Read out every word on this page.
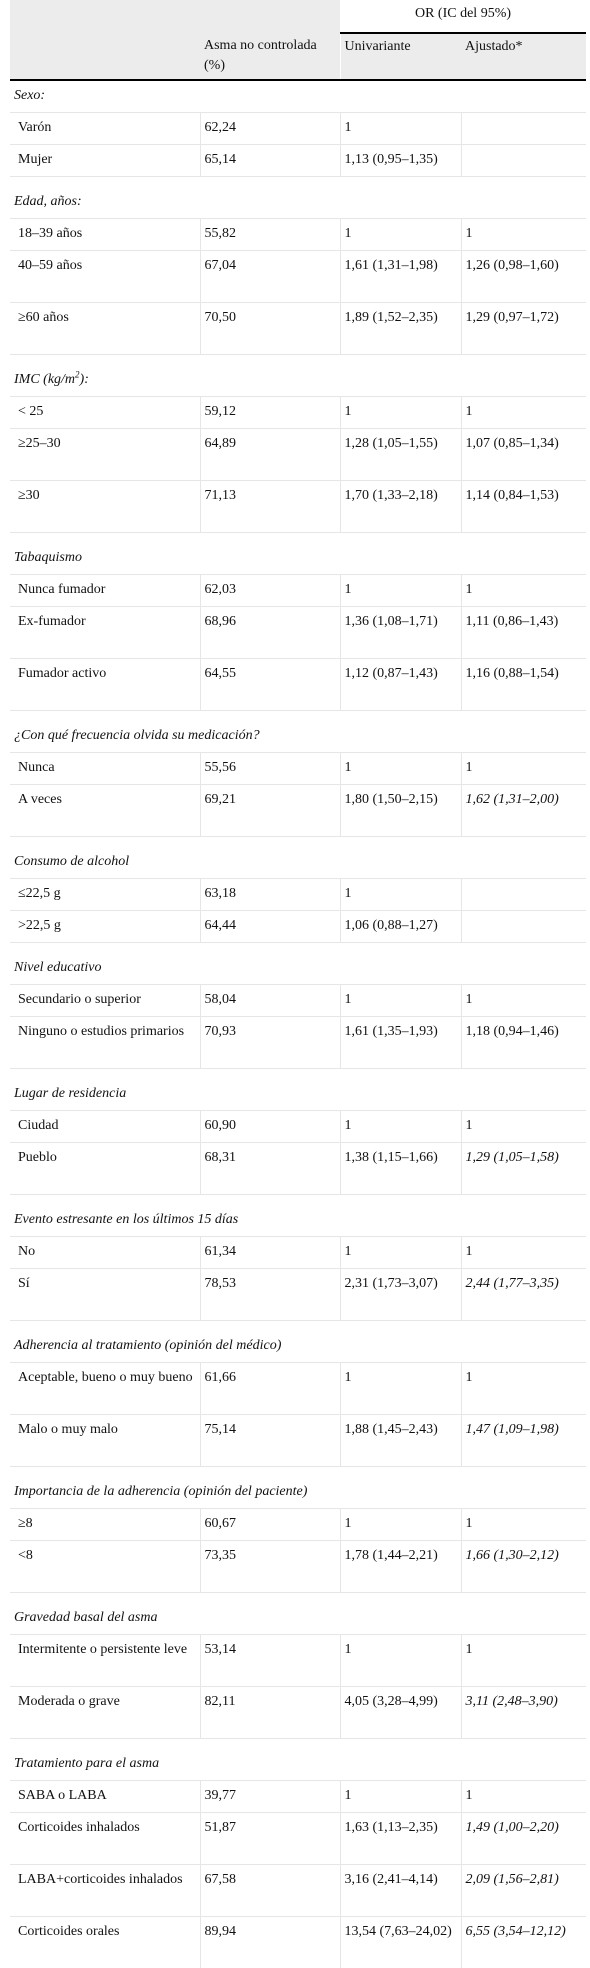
		OR (IC del 95%)	
	Asma no controlada (%)	Univariante	Ajustado*
Sexo:			
Varón	62,24	1	
Mujer	65,14	1,13 (0,95–1,35)	

Edad, años:			
18–39 años	55,82	1	1
40–59 años	67,04	1,61 (1,31–1,98)	1,26 (0,98–1,60)
≥60 años	70,50	1,89 (1,52–2,35)	1,29 (0,97–1,72)

IMC $(kg/m^2)$:			
< 25	59,12	1	1
≥25–30	64,89	1,28 (1,05–1,55)	1,07 (0,85–1,34)
≥30	71,13	1,70 (1,33–2,18)	1,14 (0,84–1,53)

Tabaquismo			
Nunca fumador	62,03	1	1
Ex-fumador	68,96	1,36 (1,08–1,71)	1,11 (0,86–1,43)
Fumador activo	64,55	1,12 (0,87–1,43)	1,16 (0,88–1,54)

¿Con qué frecuencia olvida su medicación?			
Nunca	55,56	1	1
A veces	69,21	1,80 (1,50–2,15)	1,62 (1,31–2,00)

Consumo de alcohol			
≤22,5 g	63,18	1	
>22,5 g	64,44	1,06 (0,88–1,27)	

Nivel educativo			
Secundario o superior	58,04	1	1
Ninguno o estudios primarios	70,93	1,61 (1,35–1,93)	1,18 (0,94–1,46)

Lugar de residencia			
Ciudad	60,90	1	1
Pueblo	68,31	1,38 (1,15–1,66)	1,29 (1,05–1,58)

Evento estresante en los últimos 15 días			
No	61,34	1	1
Sí	78,53	2,31 (1,73–3,07)	2,44 (1,77–3,35)

Adherencia al tratamiento (opinión del médico)			
Aceptable, bueno o muy bueno	61,66	1	1
Malo o muy malo	75,14	1,88 (1,45–2,43)	1,47 (1,09–1,98)

Importancia de la adherencia (opinión del paciente)			
≥8	60,67	1	1
<8	73,35	1,78 (1,44–2,21)	1,66 (1,30–2,12)

Gravedad basal del asma			
Intermitente o persistente leve	53,14	1	1
Moderada o grave	82,11	4,05 (3,28–4,99)	3,11 (2,48–3,90)

Tratamiento para el asma			
SABA o LABA	39,77	1	1
Corticoides inhalados	51,87	1,63 (1,13–2,35)	1,49 (1,00–2,20)
LABA+corticoides inhalados	67,58	3,16 (2,41–4,14)	2,09 (1,56–2,81)
Corticoides orales	89,94	13,54 (7,63–24,02)	6,55 (3,54–12,12)
